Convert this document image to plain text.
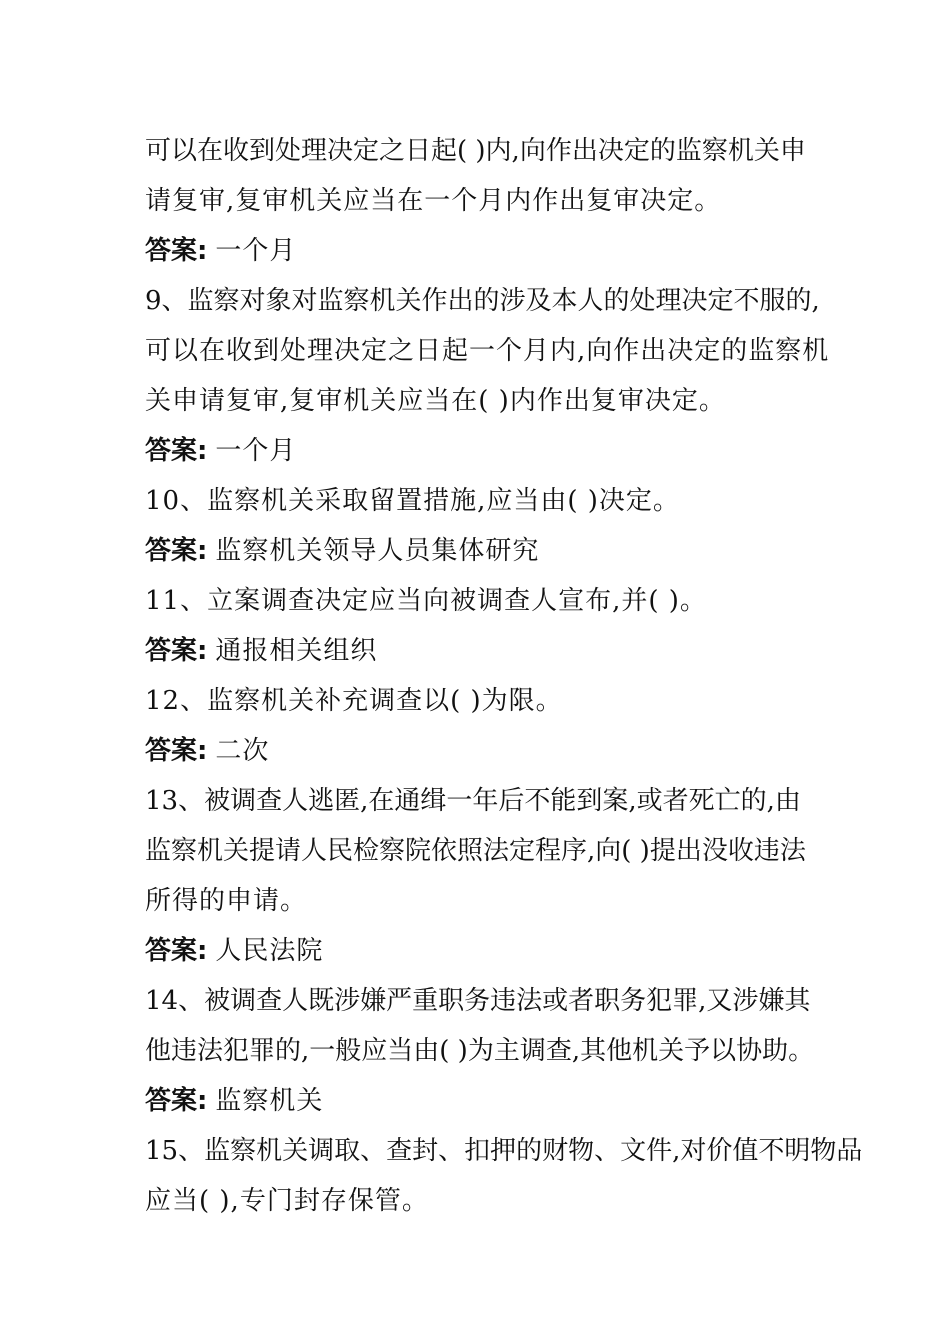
可以在收到处理决定之日起( )内,向作出决定的监察机关申
请复审,复审机关应当在一个月内作出复审决定。
答案: 一个月
9、监察对象对监察机关作出的涉及本人的处理决定不服的,
可以在收到处理决定之日起一个月内,向作出决定的监察机
关申请复审,复审机关应当在( )内作出复审决定。
答案: 一个月
10、监察机关采取留置措施,应当由( )决定。
答案: 监察机关领导人员集体研究
11、立案调查决定应当向被调查人宣布,并( )。
答案: 通报相关组织
12、监察机关补充调查以( )为限。
答案: 二次
13、被调查人逃匿,在通缉一年后不能到案,或者死亡的,由
监察机关提请人民检察院依照法定程序,向( )提出没收违法
所得的申请。
答案: 人民法院
14、被调查人既涉嫌严重职务违法或者职务犯罪,又涉嫌其
他违法犯罪的,一般应当由( )为主调查,其他机关予以协助。
答案: 监察机关
15、监察机关调取、查封、扣押的财物、文件,对价值不明物品
应当( ),专门封存保管。
